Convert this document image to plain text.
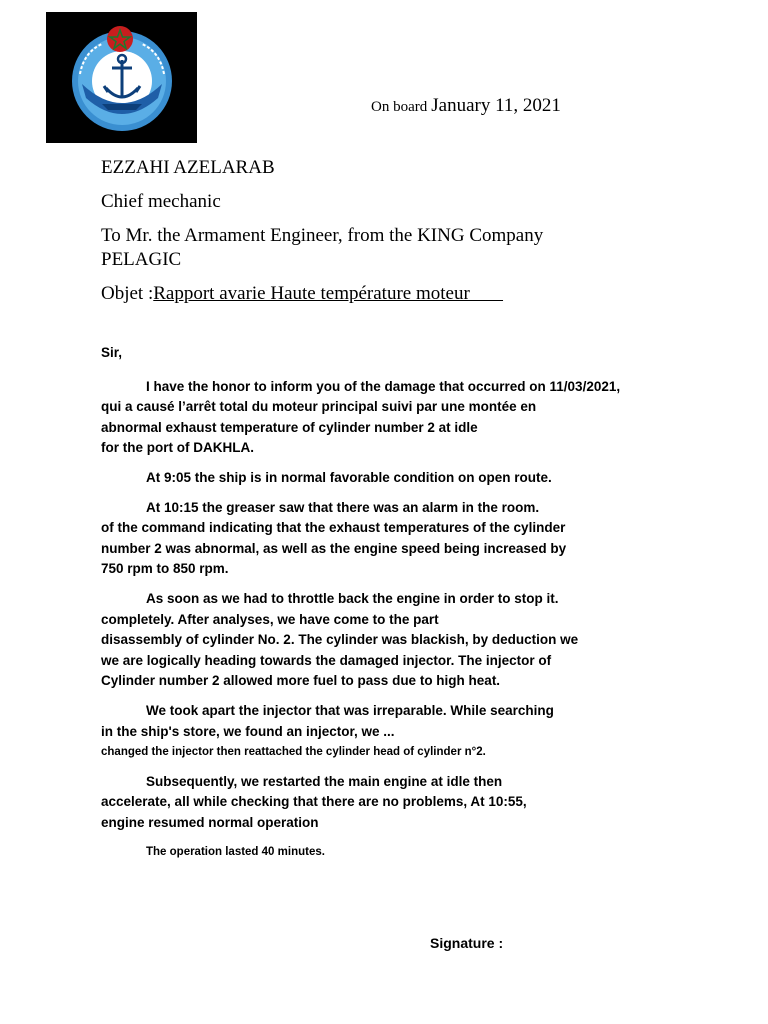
On board January 11, 2021
EZZAHI AZELARAB
Chief mechanic
To Mr. the Armament Engineer, from the KING Company
PELAGIC
Objet :Rapport avarie Haute température moteur
Sir,
I have the honor to inform you of the damage that occurred on 11/03/2021,
qui a causé l’arrêt total du moteur principal suivi par une montée en
abnormal exhaust temperature of cylinder number 2 at idle
for the port of DAKHLA.
At 9:05 the ship is in normal favorable condition on open route.
At 10:15 the greaser saw that there was an alarm in the room.
of the command indicating that the exhaust temperatures of the cylinder
number 2 was abnormal, as well as the engine speed being increased by
750 rpm to 850 rpm.
As soon as we had to throttle back the engine in order to stop it.
completely. After analyses, we have come to the part
disassembly of cylinder No. 2. The cylinder was blackish, by deduction we
we are logically heading towards the damaged injector. The injector of
Cylinder number 2 allowed more fuel to pass due to high heat.
We took apart the injector that was irreparable. While searching
in the ship's store, we found an injector, we ...
changed the injector then reattached the cylinder head of cylinder n°2.
Subsequently, we restarted the main engine at idle then
accelerate, all while checking that there are no problems, At 10:55,
engine resumed normal operation
The operation lasted 40 minutes.
Signature :
